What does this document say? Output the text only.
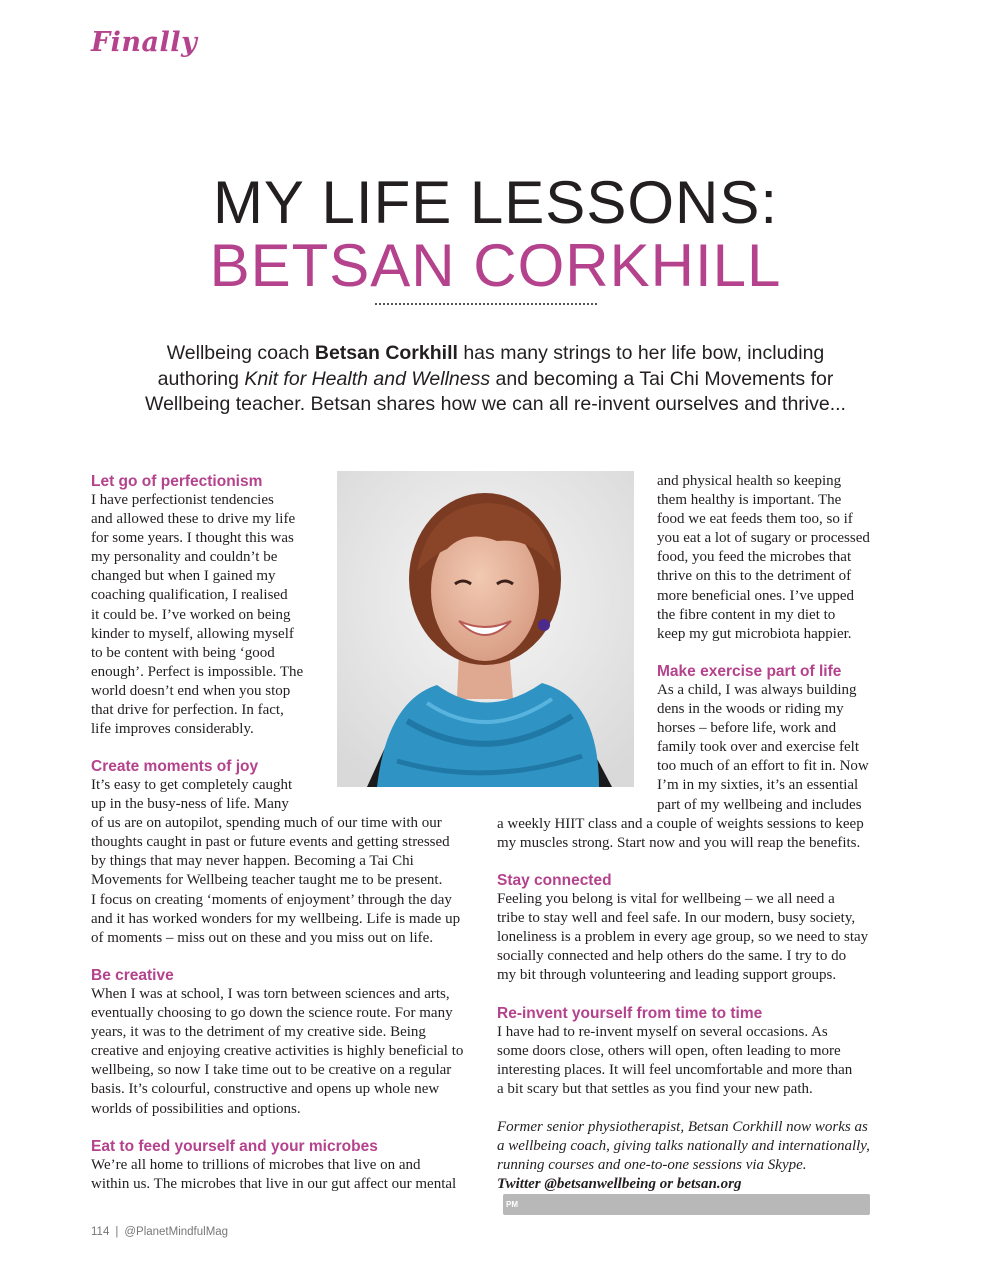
Finally
MY LIFE LESSONS:
BETSAN CORKHILL
Wellbeing coach Betsan Corkhill has many strings to her life bow, including
authoring Knit for Health and Wellness and becoming a Tai Chi Movements for
Wellbeing teacher. Betsan shares how we can all re-invent ourselves and thrive...
Let go of perfectionism
I have perfectionist tendencies
and allowed these to drive my life
for some years. I thought this was
my personality and couldn’t be
changed but when I gained my
coaching qualification, I realised
it could be. I’ve worked on being
kinder to myself, allowing myself
to be content with being ‘good
enough’. Perfect is impossible. The
world doesn’t end when you stop
that drive for perfection. In fact,
life improves considerably.
Create moments of joy
It’s easy to get completely caught
up in the busy-ness of life. Many
of us are on autopilot, spending much of our time with our
thoughts caught in past or future events and getting stressed
by things that may never happen. Becoming a Tai Chi
Movements for Wellbeing teacher taught me to be present.
I focus on creating ‘moments of enjoyment’ through the day
and it has worked wonders for my wellbeing. Life is made up
of moments – miss out on these and you miss out on life.
Be creative
When I was at school, I was torn between sciences and arts,
eventually choosing to go down the science route. For many
years, it was to the detriment of my creative side. Being
creative and enjoying creative activities is highly beneficial to
wellbeing, so now I take time out to be creative on a regular
basis. It’s colourful, constructive and opens up whole new
worlds of possibilities and options.
Eat to feed yourself and your microbes
We’re all home to trillions of microbes that live on and
within us. The microbes that live in our gut affect our mental
and physical health so keeping
them healthy is important. The
food we eat feeds them too, so if
you eat a lot of sugary or processed
food, you feed the microbes that
thrive on this to the detriment of
more beneficial ones. I’ve upped
the fibre content in my diet to
keep my gut microbiota happier.
Make exercise part of life
As a child, I was always building
dens in the woods or riding my
horses – before life, work and
family took over and exercise felt
too much of an effort to fit in. Now
I’m in my sixties, it’s an essential
part of my wellbeing and includes
a weekly HIIT class and a couple of weights sessions to keep
my muscles strong. Start now and you will reap the benefits.
Stay connected
Feeling you belong is vital for wellbeing – we all need a
tribe to stay well and feel safe. In our modern, busy society,
loneliness is a problem in every age group, so we need to stay
socially connected and help others do the same. I try to do
my bit through volunteering and leading support groups.
Re-invent yourself from time to time
I have had to re-invent myself on several occasions. As
some doors close, others will open, often leading to more
interesting places. It will feel uncomfortable and more than
a bit scary but that settles as you find your new path.
Former senior physiotherapist, Betsan Corkhill now works as
a wellbeing coach, giving talks nationally and internationally,
running courses and one-to-one sessions via Skype.
Twitter @betsanwellbeing or betsan.org
PM
114 | @PlanetMindfulMag
